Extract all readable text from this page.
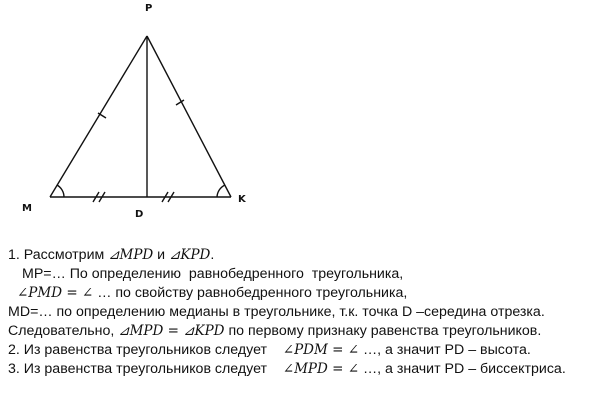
P
M
D
K
1. Рассмотрим ⊿MPD и ⊿KPD.
MP=… По определению  равнобедренного  треугольника,
∠PMD = ∠ … по свойству равнобедренного треугольника,
MD=… по определению медианы в треугольнике, т.к. точка D –середина отрезка.
Следовательно, ⊿MPD = ⊿KPD по первому признаку равенства треугольников.
2. Из равенства треугольников следует    ∠PDM = ∠ …, а значит PD – высота.
3. Из равенства треугольников следует    ∠MPD = ∠ …, а значит PD – биссектриса.
